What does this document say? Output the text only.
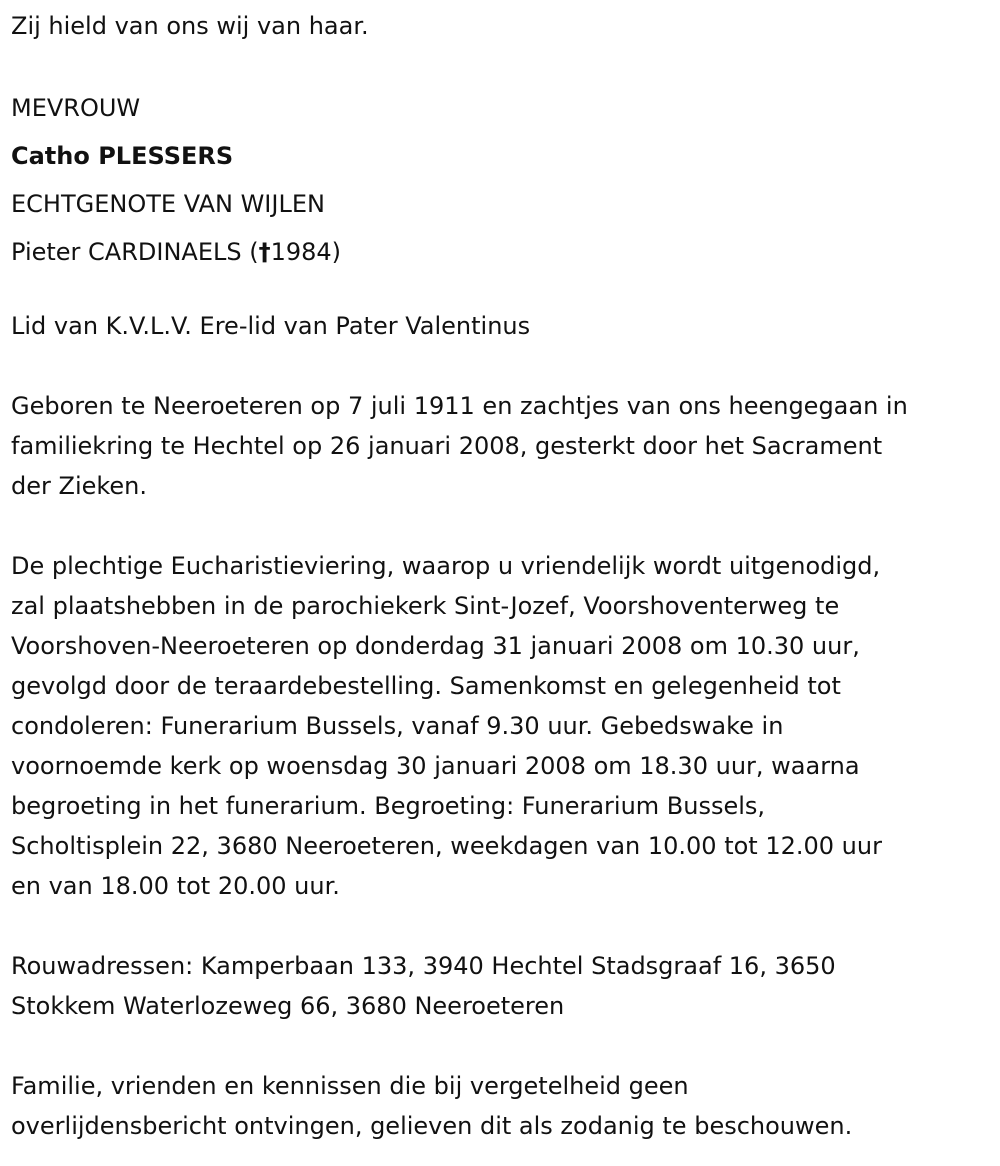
Zij hield van ons wij van haar.
MEVROUW
Catho PLESSERS
ECHTGENOTE VAN WIJLEN
Pieter CARDINAELS (†1984)
Lid van K.V.L.V. Ere-lid van Pater Valentinus
Geboren te Neeroeteren op 7 juli 1911 en zachtjes van ons heengegaan in
familiekring te Hechtel op 26 januari 2008, gesterkt door het Sacrament
der Zieken.
De plechtige Eucharistieviering, waarop u vriendelijk wordt uitgenodigd,
zal plaatshebben in de parochiekerk Sint-Jozef, Voorshoventerweg te
Voorshoven-Neeroeteren op donderdag 31 januari 2008 om 10.30 uur,
gevolgd door de teraardebestelling. Samenkomst en gelegenheid tot
condoleren: Funerarium Bussels, vanaf 9.30 uur. Gebedswake in
voornoemde kerk op woensdag 30 januari 2008 om 18.30 uur, waarna
begroeting in het funerarium. Begroeting: Funerarium Bussels,
Scholtisplein 22, 3680 Neeroeteren, weekdagen van 10.00 tot 12.00 uur
en van 18.00 tot 20.00 uur.
Rouwadressen: Kamperbaan 133, 3940 Hechtel Stadsgraaf 16, 3650
Stokkem Waterlozeweg 66, 3680 Neeroeteren
Familie, vrienden en kennissen die bij vergetelheid geen
overlijdensbericht ontvingen, gelieven dit als zodanig te beschouwen.
